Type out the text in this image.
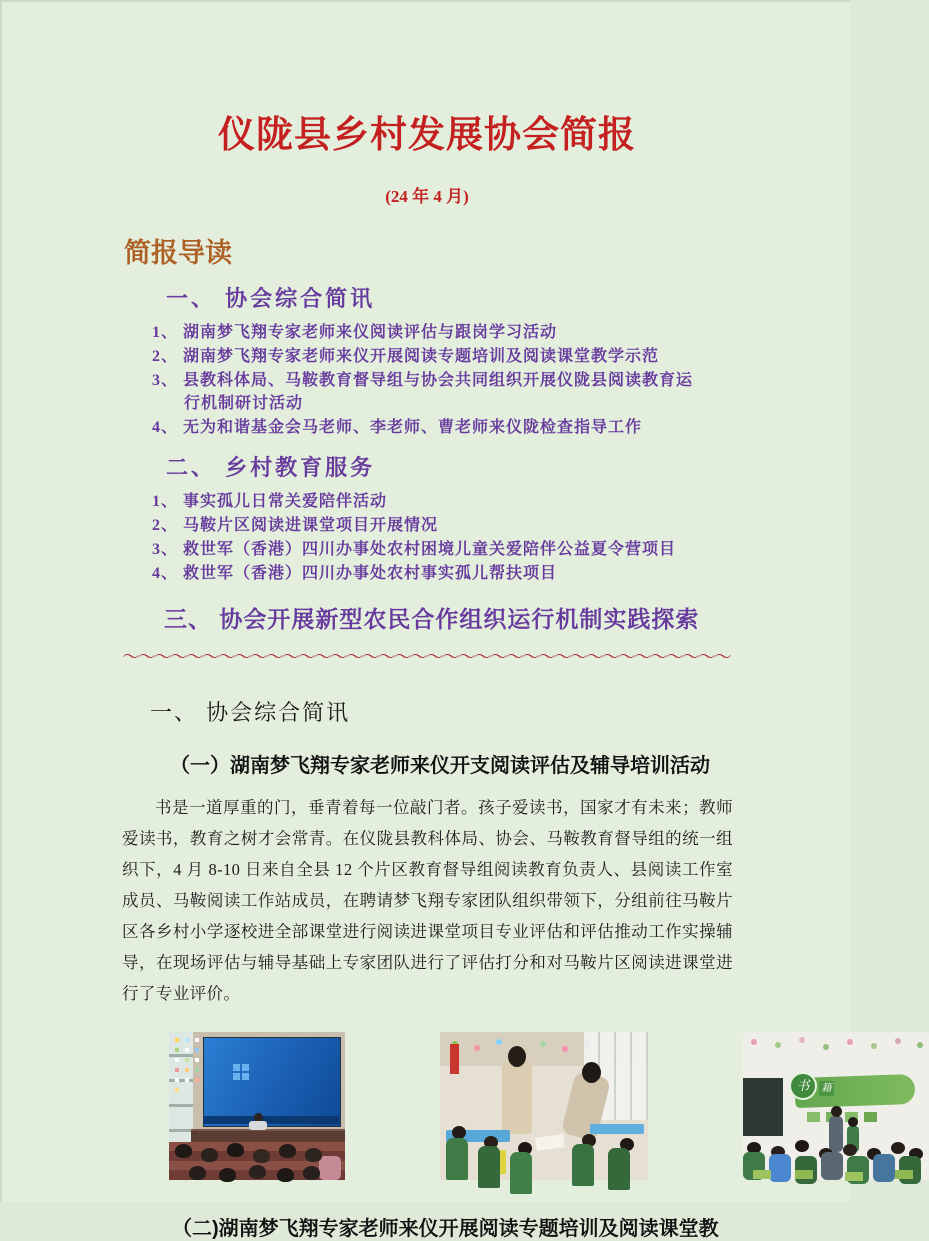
仪陇县乡村发展协会简报
(24 年 4 月)
简报导读
一、 协会综合简讯
1、 湖南梦飞翔专家老师来仪阅读评估与跟岗学习活动
2、 湖南梦飞翔专家老师来仪开展阅读专题培训及阅读课堂教学示范
3、 县教科体局、马鞍教育督导组与协会共同组织开展仪陇县阅读教育运行机制研讨活动
4、 无为和谐基金会马老师、李老师、曹老师来仪陇检查指导工作
二、 乡村教育服务
1、 事实孤儿日常关爱陪伴活动
2、 马鞍片区阅读进课堂项目开展情况
3、 救世军（香港）四川办事处农村困境儿童关爱陪伴公益夏令营项目
4、 救世军（香港）四川办事处农村事实孤儿帮扶项目
三、 协会开展新型农民合作组织运行机制实践探索
～～～～～～～～～～～～～～～～～～～～～～～～～～～～～～～～～～～～～～
一、 协会综合简讯
（一）湖南梦飞翔专家老师来仪开支阅读评估及辅导培训活动

书是一道厚重的门，垂青着每一位敲门者。孩子爱读书，国家才有未来；教师爱读书，教育之树才会常青。在仪陇县教科体局、协会、马鞍教育督导组的统一组织下，4 月 8-10 日来自全县 12 个片区教育督导组阅读教育负责人、县阅读工作室成员、马鞍阅读工作站成员，在聘请梦飞翔专家团队组织带领下，分组前往马鞍片区各乡村小学逐校进全部课堂进行阅读进课堂项目专业评估和评估推动工作实操辅导，在现场评估与辅导基础上专家团队进行了评估打分和对马鞍片区阅读进课堂进行了专业评价。

书	籍
（二)湖南梦飞翔专家老师来仪开展阅读专题培训及阅读课堂教
